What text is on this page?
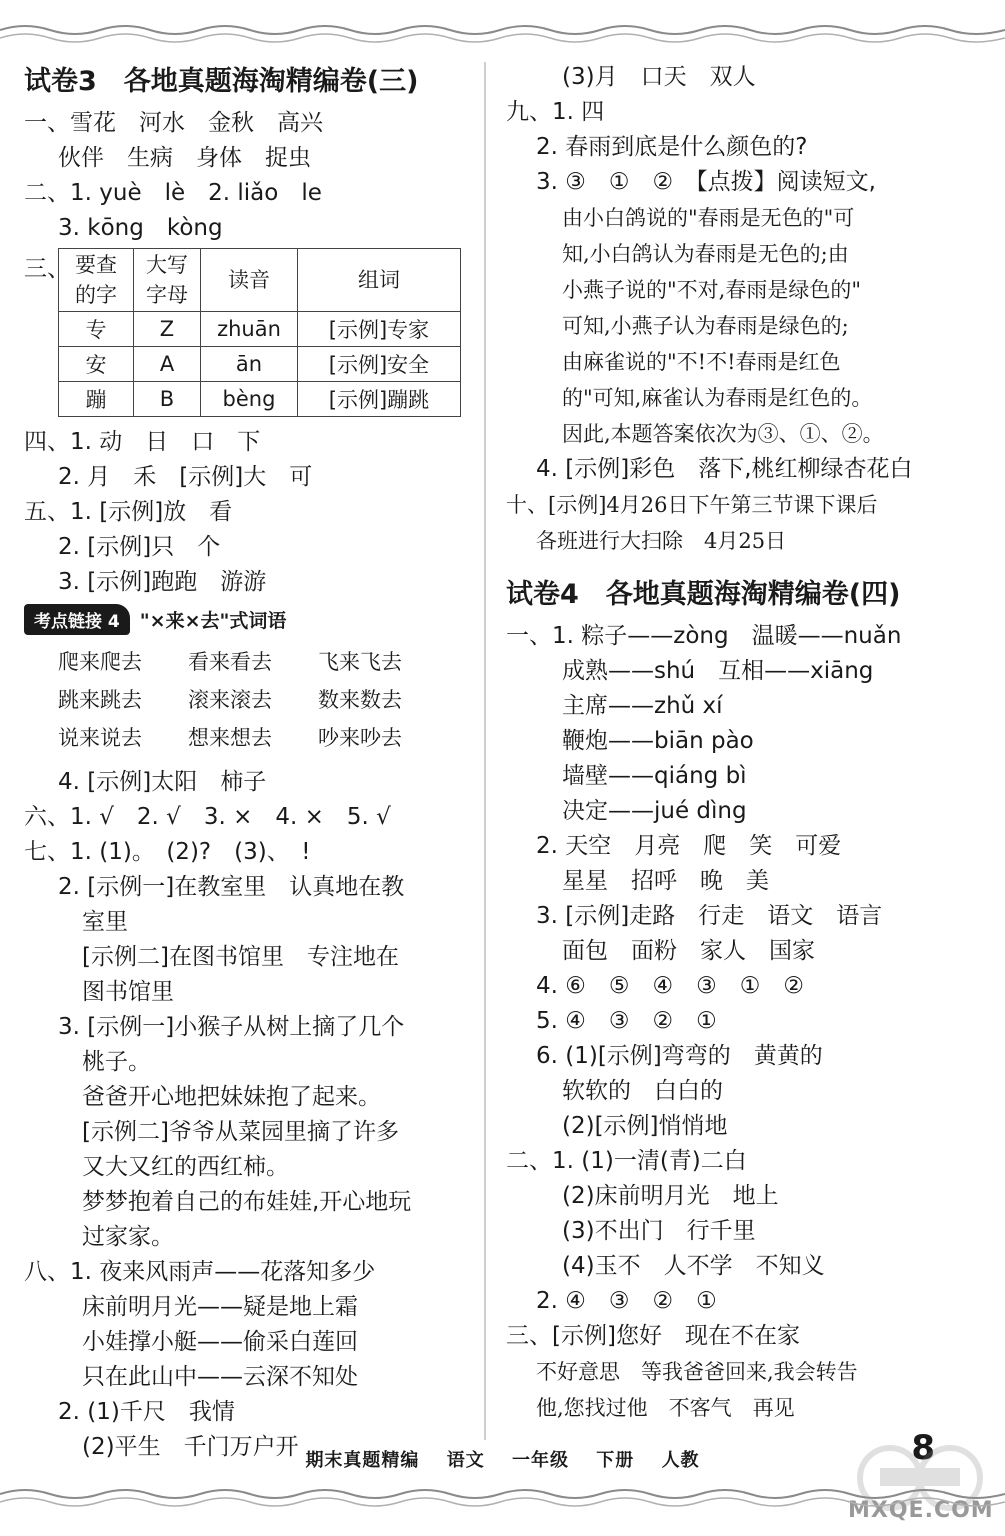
试卷3　各地真题海淘精编卷(三)
一、雪花　河水　金秋　高兴
伙伴　生病　身体　捉虫
二、1. yuè　lè　2. liǎo　le
3. kōng　kòng
三、 要查的字	大写字母	读音	组词
专	Z	zhuān	[示例]专家
安	A	ān	[示例]安全
蹦	B	bèng	[示例]蹦跳
四、1. 动　日　口　下
2. 月　禾　[示例]大　可
五、1. [示例]放　看
2. [示例]只　个
3. [示例]跑跑　游游
考点链接 4	"×来×去"式词语
爬来爬去	看来看去	飞来飞去
跳来跳去	滚来滚去	数来数去
说来说去	想来想去	吵来吵去
4. [示例]太阳　柿子
六、1. √　2. √　3. ×　4. ×　5. √
七、1. (1)。　(2)?　(3)、　!
2. [示例一]在教室里　认真地在教
室里
[示例二]在图书馆里　专注地在
图书馆里
3. [示例一]小猴子从树上摘了几个
桃子。
爸爸开心地把妹妹抱了起来。
[示例二]爷爷从菜园里摘了许多
又大又红的西红柿。
梦梦抱着自己的布娃娃,开心地玩
过家家。
八、1. 夜来风雨声——花落知多少
床前明月光——疑是地上霜
小娃撑小艇——偷采白莲回
只在此山中——云深不知处
2. (1)千尺　我情
(2)平生　千门万户开
(3)月　口天　双人
九、1. 四
2. 春雨到底是什么颜色的?
3. ③　①　②　【点拨】阅读短文,
由小白鸽说的"春雨是无色的"可
知,小白鸽认为春雨是无色的;由
小燕子说的"不对,春雨是绿色的"
可知,小燕子认为春雨是绿色的;
由麻雀说的"不!不!春雨是红色
的"可知,麻雀认为春雨是红色的。
因此,本题答案依次为③、①、②。
4. [示例]彩色　落下,桃红柳绿杏花白
十、[示例]4月26日下午第三节课下课后
各班进行大扫除　4月25日
试卷4　各地真题海淘精编卷(四)
一、1. 粽子——zòng　温暖——nuǎn
成熟——shú　互相——xiāng
主席——zhǔ xí
鞭炮——biān pào
墙壁——qiáng bì
决定——jué dìng
2. 天空　月亮　爬　笑　可爱
星星　招呼　晚　美
3. [示例]走路　行走　语文　语言
面包　面粉　家人　国家
4. ⑥　⑤　④　③　①　②
5. ④　③　②　①
6. (1)[示例]弯弯的　黄黄的
软软的　白白的
(2)[示例]悄悄地
二、1. (1)一清(青)二白
(2)床前明月光　地上
(3)不出门　行千里
(4)玉不　人不学　不知义
2. ④　③　②　①
三、[示例]您好　现在不在家
不好意思　等我爸爸回来,我会转告
他,您找过他　不客气　再见
期末真题精编 语文 一年级 下册 人教	8
MXQE.COM
